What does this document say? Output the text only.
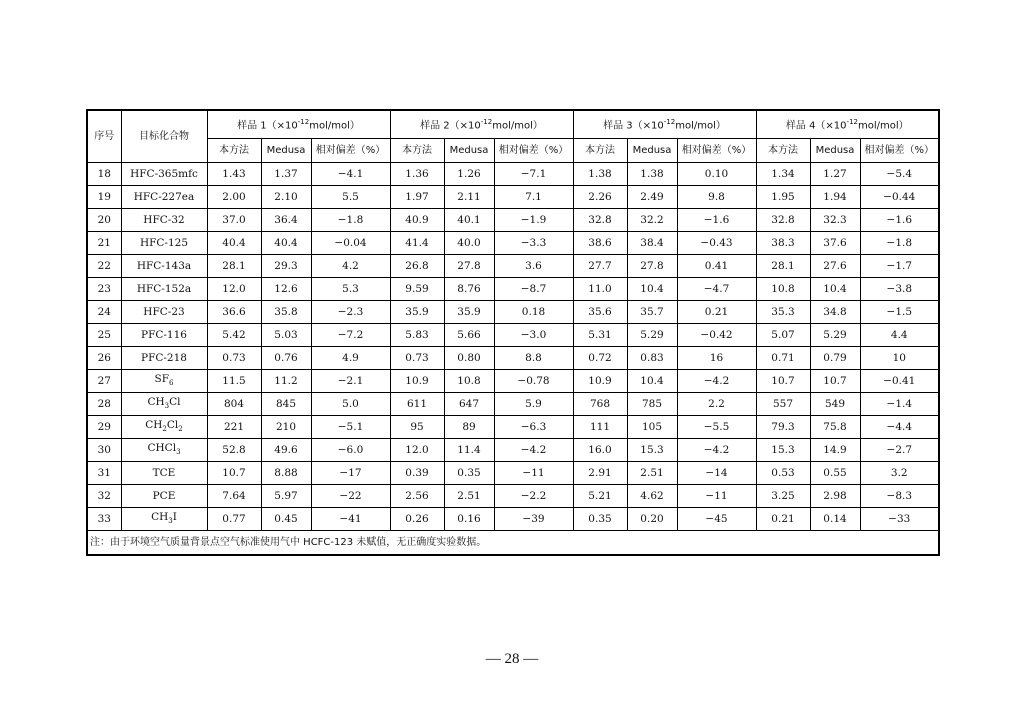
序号	目标化合物	样品 $1(\times 10^{-12}mol/mol)$			样品 $2(\times 10^{-12}mol/mol)$			样品 $3(\times 10^{-12}mol/mol)$			样品 $4(\times 10^{-12}mol/mol)$		
		本方法	Medusa	相对偏差（%）	本方法	Medusa	相对偏差（%）	本方法	Medusa	相对偏差（%）	本方法	Medusa	相对偏差（%）
18	HFC-365mfc	1.43	1.37	−4.1	1.36	1.26	−7.1	1.38	1.38	0.10	1.34	1.27	−5.4
19	HFC-227ea	2.00	2.10	5.5	1.97	2.11	7.1	2.26	2.49	9.8	1.95	1.94	−0.44
20	HFC-32	37.0	36.4	−1.8	40.9	40.1	−1.9	32.8	32.2	−1.6	32.8	32.3	−1.6
21	HFC-125	40.4	40.4	−0.04	41.4	40.0	−3.3	38.6	38.4	−0.43	38.3	37.6	−1.8
22	HFC-143a	28.1	29.3	4.2	26.8	27.8	3.6	27.7	27.8	0.41	28.1	27.6	−1.7
23	HFC-152a	12.0	12.6	5.3	9.59	8.76	−8.7	11.0	10.4	−4.7	10.8	10.4	−3.8
24	HFC-23	36.6	35.8	−2.3	35.9	35.9	0.18	35.6	35.7	0.21	35.3	34.8	−1.5
25	PFC-116	5.42	5.03	−7.2	5.83	5.66	−3.0	5.31	5.29	−0.42	5.07	5.29	4.4
26	PFC-218	0.73	0.76	4.9	0.73	0.80	8.8	0.72	0.83	16	0.71	0.79	10
27	$SF_6$	11.5	11.2	−2.1	10.9	10.8	−0.78	10.9	10.4	−4.2	10.7	10.7	−0.41
28	$CH_3Cl$	804	845	5.0	611	647	5.9	768	785	2.2	557	549	−1.4
29	$CH_2Cl_2$	221	210	−5.1	95	89	−6.3	111	105	−5.5	79.3	75.8	−4.4
30	CHCl$_3$	52.8	49.6	−6.0	12.0	11.4	−4.2	16.0	15.3	−4.2	15.3	14.9	−2.7
31	TCE	10.7	8.88	−17	0.39	0.35	−11	2.91	2.51	−14	0.53	0.55	3.2
32	PCE	7.64	5.97	−22	2.56	2.51	−2.2	5.21	4.62	−11	3.25	2.98	−8.3
33	$CH_3I$	0.77	0.45	−41	0.26	0.16	−39	0.35	0.20	−45	0.21	0.14	−33
注：由于环境空气质量背景点空气标准使用气中 HCFC-123 未赋值，无正确度实验数据。													
— 28 —
